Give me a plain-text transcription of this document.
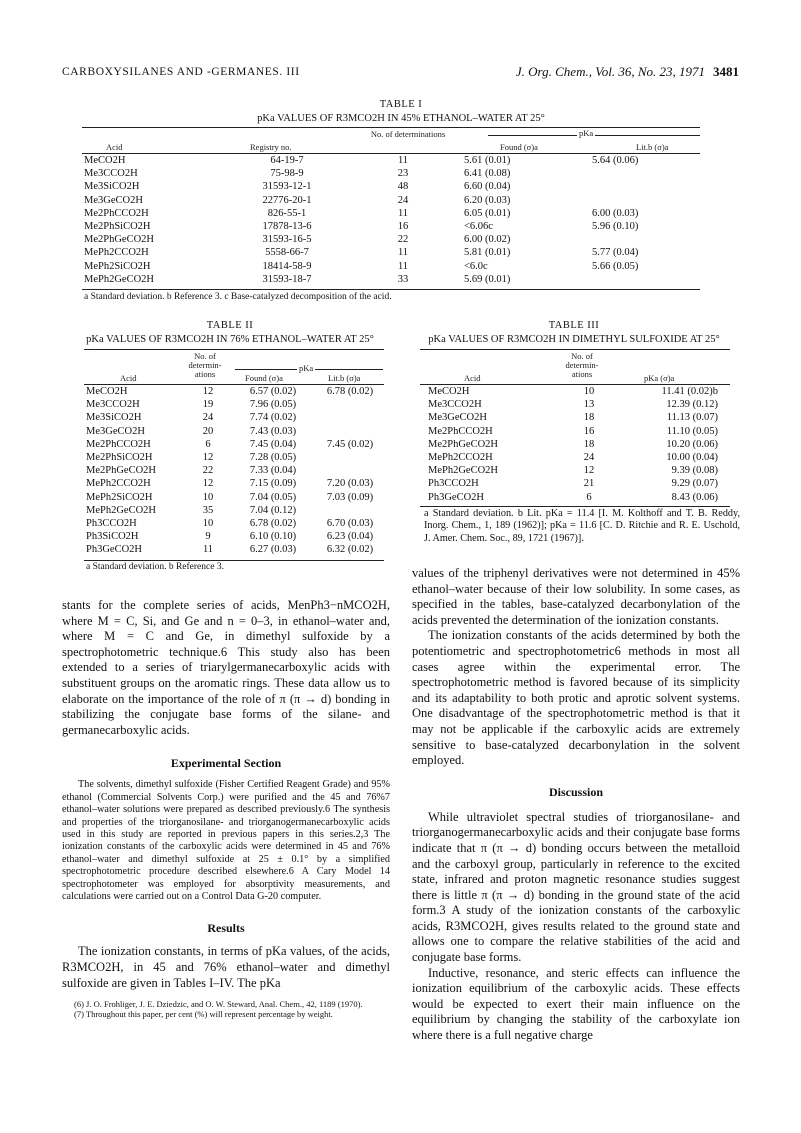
CARBOXYSILANES AND -GERMANES. III	J. Org. Chem., Vol. 36, No. 23, 1971 3481
TABLE I
pKa VALUES OF R3MCO2H IN 45% ETHANOL–WATER AT 25°
Acid	Registry no.
No. of determinations	pKa
Found (σ)a	Lit.b (σ)a
MeCO2H	64-19-7	11	5.61 (0.01)	5.64 (0.06)
Me3CCO2H	75-98-9	23	6.41 (0.08)	
Me3SiCO2H	31593-12-1	48	6.60 (0.04)	
Me3GeCO2H	22776-20-1	24	6.20 (0.03)	
Me2PhCCO2H	826-55-1	11	6.05 (0.01)	6.00 (0.03)
Me2PhSiCO2H	17878-13-6	16	<6.06c	5.96 (0.10)
Me2PhGeCO2H	31593-16-5	22	6.00 (0.02)	
MePh2CCO2H	5558-66-7	11	5.81 (0.01)	5.77 (0.04)
MePh2SiCO2H	18414-58-9	11	<6.0c	5.66 (0.05)
MePh2GeCO2H	31593-18-7	33	5.69 (0.01)	
a Standard deviation. b Reference 3. c Base-catalyzed decomposition of the acid.
TABLE II
pKa VALUES OF R3MCO2H IN 76% ETHANOL–WATER AT 25°
Acid
No. of determin- ations
pKa
Found (σ)a	Lit.b (σ)a
MeCO2H	12	6.57 (0.02)	6.78 (0.02)
Me3CCO2H	19	7.96 (0.05)	
Me3SiCO2H	24	7.74 (0.02)	
Me3GeCO2H	20	7.43 (0.03)	
Me2PhCCO2H	6	7.45 (0.04)	7.45 (0.02)
Me2PhSiCO2H	12	7.28 (0.05)	
Me2PhGeCO2H	22	7.33 (0.04)	
MePh2CCO2H	12	7.15 (0.09)	7.20 (0.03)
MePh2SiCO2H	10	7.04 (0.05)	7.03 (0.09)
MePh2GeCO2H	35	7.04 (0.12)	
Ph3CCO2H	10	6.78 (0.02)	6.70 (0.03)
Ph3SiCO2H	9	6.10 (0.10)	6.23 (0.04)
Ph3GeCO2H	11	6.27 (0.03)	6.32 (0.02)
a Standard deviation. b Reference 3.
TABLE III
pKa VALUES OF R3MCO2H IN DIMETHYL SULFOXIDE AT 25°
Acid
No. of determin- ations	pKa (σ)a
MeCO2H	10	11.41 (0.02)b
Me3CCO2H	13	12.39 (0.12)
Me3GeCO2H	18	11.13 (0.07)
Me2PhCCO2H	16	11.10 (0.05)
Me2PhGeCO2H	18	10.20 (0.06)
MePh2CCO2H	24	10.00 (0.04)
MePh2GeCO2H	12	9.39 (0.08)
Ph3CCO2H	21	9.29 (0.07)
Ph3GeCO2H	6	8.43 (0.06)
a Standard deviation. b Lit. pKa = 11.4 [I. M. Kolthoff and T. B. Reddy, Inorg. Chem., 1, 189 (1962)]; pKa = 11.6 [C. D. Ritchie and R. E. Uschold, J. Amer. Chem. Soc., 89, 1721 (1967)].

stants for the complete series of acids, MenPh3−nMCO2H, where M = C, Si, and Ge and n = 0–3, in ethanol–water and, where M = C and Ge, in dimethyl sulfoxide by a spectrophotometric technique.6 This study also has been extended to a series of triarylgermanecarboxylic acids with substituent groups on the aromatic rings. These data allow us to elaborate on the importance of the role of π (π → d) bonding in stabilizing the conjugate base forms of the silane- and germanecarboxylic acids.

Experimental Section

The solvents, dimethyl sulfoxide (Fisher Certified Reagent Grade) and 95% ethanol (Commercial Solvents Corp.) were purified and the 45 and 76%7 ethanol–water solutions were prepared as described previously.6 The synthesis and properties of the triorganosilane- and triorganogermanecarboxylic acids used in this study are reported in previous papers in this series.2,3 The ionization constants of the carboxylic acids were determined in 45 and 76% ethanol–water and dimethyl sulfoxide at 25 ± 0.1° by a simplified spectrophotometric procedure described elsewhere.6 A Cary Model 14 spectrophotometer was employed for absorptivity measurements, and calculations were carried out on a Control Data G-20 computer.

Results

The ionization constants, in terms of pKa values, of the acids, R3MCO2H, in 45 and 76% ethanol–water and dimethyl sulfoxide are given in Tables I–IV. The pKa

(6) J. O. Frohliger, J. E. Dziedzic, and O. W. Steward, Anal. Chem., 42, 1189 (1970).

(7) Throughout this paper, per cent (%) will represent percentage by weight.

values of the triphenyl derivatives were not determined in 45% ethanol–water because of their low solubility. In some cases, as specified in the tables, base-catalyzed decarbonylation of the acids prevented the determination of the ionization constants.

The ionization constants of the acids determined by both the potentiometric and spectrophotometric6 methods in most all cases agree within the experimental error. The spectrophotometric method is favored because of its simplicity and its adaptability to both protic and aprotic solvent systems. One disadvantage of the spectrophotometric method is that it may not be applicable if the carboxylic acids are extremely sensitive to base-catalyzed decarbonylation in the solvent employed.

Discussion

While ultraviolet spectral studies of triorganosilane- and triorganogermanecarboxylic acids and their conjugate base forms indicate that π (π → d) bonding occurs between the metalloid and the carboxyl group, particularly in reference to the excited state, infrared and proton magnetic resonance studies suggest there is little π (π → d) bonding in the ground state of the acid form.3 A study of the ionization constants of the carboxylic acids, R3MCO2H, gives results related to the ground state and allows one to compare the relative stabilities of the acid and conjugate base forms.

Inductive, resonance, and steric effects can influence the ionization equilibrium of the carboxylic acids. These effects would be expected to exert their main influence on the equilibrium by changing the stability of the carboxylate ion where there is a full negative charge
